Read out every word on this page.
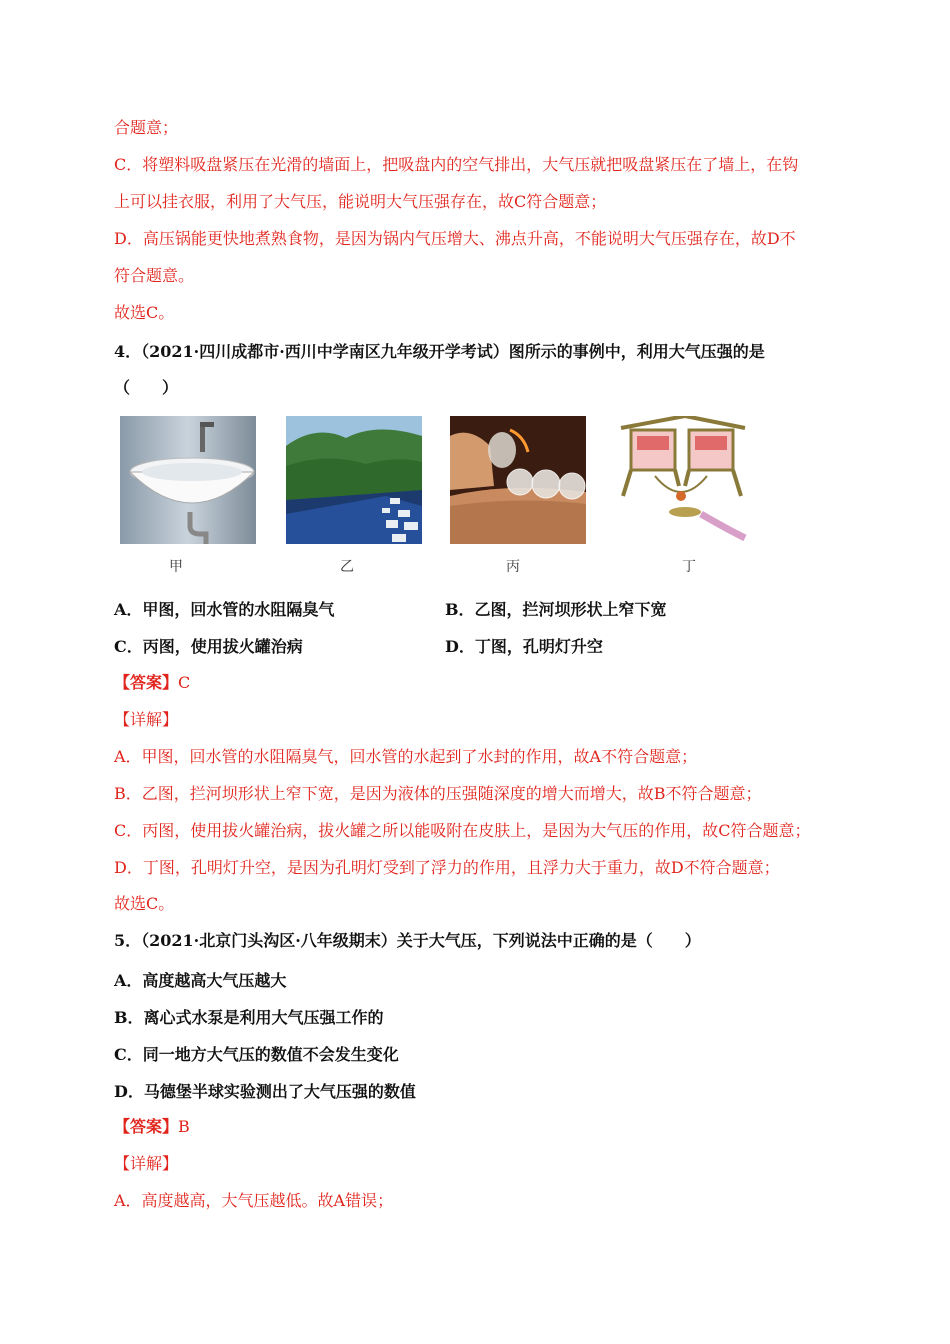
合题意；
C．将塑料吸盘紧压在光滑的墙面上，把吸盘内的空气排出，大气压就把吸盘紧压在了墙上，在钩
上可以挂衣服，利用了大气压，能说明大气压强存在，故C符合题意；
D．高压锅能更快地煮熟食物，是因为锅内气压增大、沸点升高，不能说明大气压强存在，故D不
符合题意。
故选C。
4．（2021·四川成都市·西川中学南区九年级开学考试）图所示的事例中，利用大气压强的是
（　　）
甲	乙	丙	丁
A．甲图，回水管的水阻隔臭气	B．乙图，拦河坝形状上窄下宽
C．丙图，使用拔火罐治病	D．丁图，孔明灯升空
【答案】C
【详解】
A．甲图，回水管的水阻隔臭气，回水管的水起到了水封的作用，故A不符合题意；
B．乙图，拦河坝形状上窄下宽，是因为液体的压强随深度的增大而增大，故B不符合题意；
C．丙图，使用拔火罐治病，拔火罐之所以能吸附在皮肤上，是因为大气压的作用，故C符合题意；
D．丁图，孔明灯升空，是因为孔明灯受到了浮力的作用，且浮力大于重力，故D不符合题意；
故选C。
5．（2021·北京门头沟区·八年级期末）关于大气压，下列说法中正确的是（　　）
A．高度越高大气压越大
B．离心式水泵是利用大气压强工作的
C．同一地方大气压的数值不会发生变化
D．马德堡半球实验测出了大气压强的数值
【答案】B
【详解】
A．高度越高，大气压越低。故A错误；
